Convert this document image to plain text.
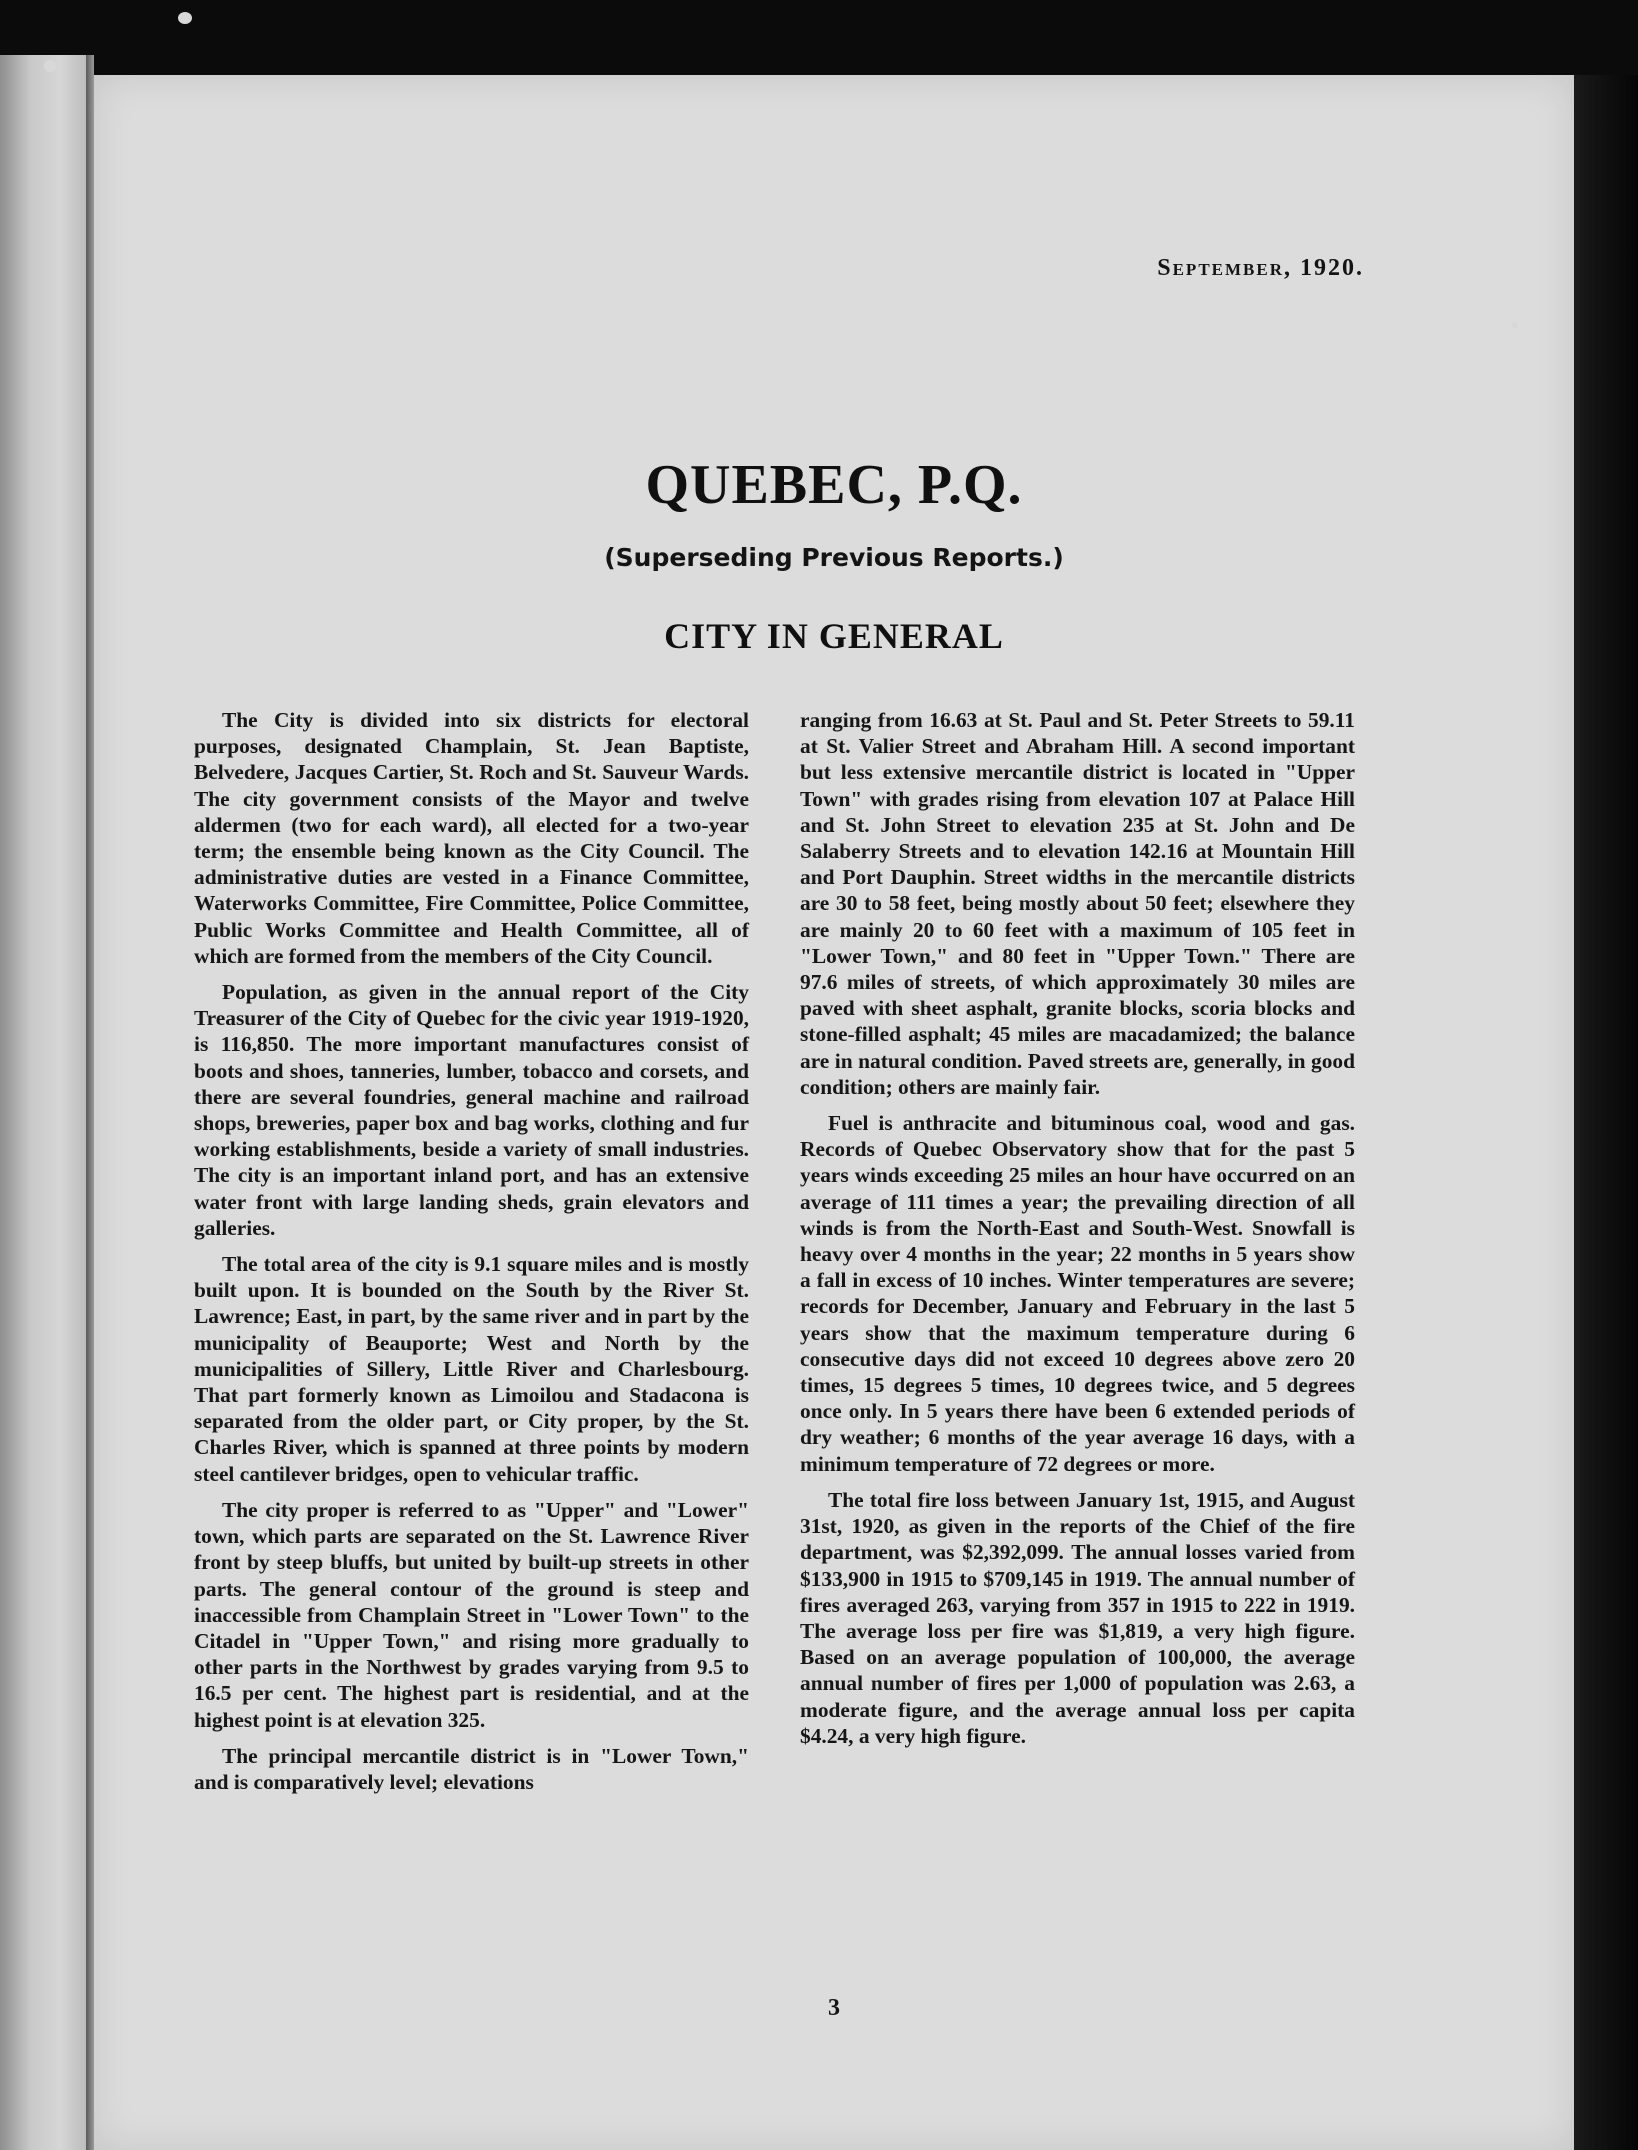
September, 1920.
QUEBEC, P.Q.
(Superseding Previous Reports.)
CITY IN GENERAL

The City is divided into six districts for electoral purposes, designated Champlain, St. Jean Baptiste, Belvedere, Jacques Cartier, St. Roch and St. Sauveur Wards. The city government consists of the Mayor and twelve aldermen (two for each ward), all elected for a two-year term; the ensemble being known as the City Council. The administrative duties are vested in a Finance Committee, Waterworks Committee, Fire Committee, Police Committee, Public Works Committee and Health Committee, all of which are formed from the members of the City Council.

Population, as given in the annual report of the City Treasurer of the City of Quebec for the civic year 1919-1920, is 116,850. The more important manufactures consist of boots and shoes, tanneries, lumber, tobacco and corsets, and there are several foundries, general machine and railroad shops, breweries, paper box and bag works, clothing and fur working establishments, beside a variety of small industries. The city is an important inland port, and has an extensive water front with large landing sheds, grain elevators and galleries.

The total area of the city is 9.1 square miles and is mostly built upon. It is bounded on the South by the River St. Lawrence; East, in part, by the same river and in part by the municipality of Beauporte; West and North by the municipalities of Sillery, Little River and Charlesbourg. That part formerly known as Limoilou and Stadacona is separated from the older part, or City proper, by the St. Charles River, which is spanned at three points by modern steel cantilever bridges, open to vehicular traffic.

The city proper is referred to as "Upper" and "Lower" town, which parts are separated on the St. Lawrence River front by steep bluffs, but united by built-up streets in other parts. The general contour of the ground is steep and inaccessible from Champlain Street in "Lower Town" to the Citadel in "Upper Town," and rising more gradually to other parts in the Northwest by grades varying from 9.5 to 16.5 per cent. The highest part is residential, and at the highest point is at elevation 325.

The principal mercantile district is in "Lower Town," and is comparatively level; elevations

ranging from 16.63 at St. Paul and St. Peter Streets to 59.11 at St. Valier Street and Abraham Hill. A second important but less extensive mercantile district is located in "Upper Town" with grades rising from elevation 107 at Palace Hill and St. John Street to elevation 235 at St. John and De Salaberry Streets and to elevation 142.16 at Mountain Hill and Port Dauphin. Street widths in the mercantile districts are 30 to 58 feet, being mostly about 50 feet; elsewhere they are mainly 20 to 60 feet with a maximum of 105 feet in "Lower Town," and 80 feet in "Upper Town." There are 97.6 miles of streets, of which approximately 30 miles are paved with sheet asphalt, granite blocks, scoria blocks and stone-filled asphalt; 45 miles are macadamized; the balance are in natural condition. Paved streets are, generally, in good condition; others are mainly fair.

Fuel is anthracite and bituminous coal, wood and gas. Records of Quebec Observatory show that for the past 5 years winds exceeding 25 miles an hour have occurred on an average of 111 times a year; the prevailing direction of all winds is from the North-East and South-West. Snowfall is heavy over 4 months in the year; 22 months in 5 years show a fall in excess of 10 inches. Winter temperatures are severe; records for December, January and February in the last 5 years show that the maximum temperature during 6 consecutive days did not exceed 10 degrees above zero 20 times, 15 degrees 5 times, 10 degrees twice, and 5 degrees once only. In 5 years there have been 6 extended periods of dry weather; 6 months of the year average 16 days, with a minimum temperature of 72 degrees or more.

The total fire loss between January 1st, 1915, and August 31st, 1920, as given in the reports of the Chief of the fire department, was $2,392,099. The annual losses varied from $133,900 in 1915 to $709,145 in 1919. The annual number of fires averaged 263, varying from 357 in 1915 to 222 in 1919. The average loss per fire was $1,819, a very high figure. Based on an average population of 100,000, the average annual number of fires per 1,000 of population was 2.63, a moderate figure, and the average annual loss per capita $4.24, a very high figure.

3
